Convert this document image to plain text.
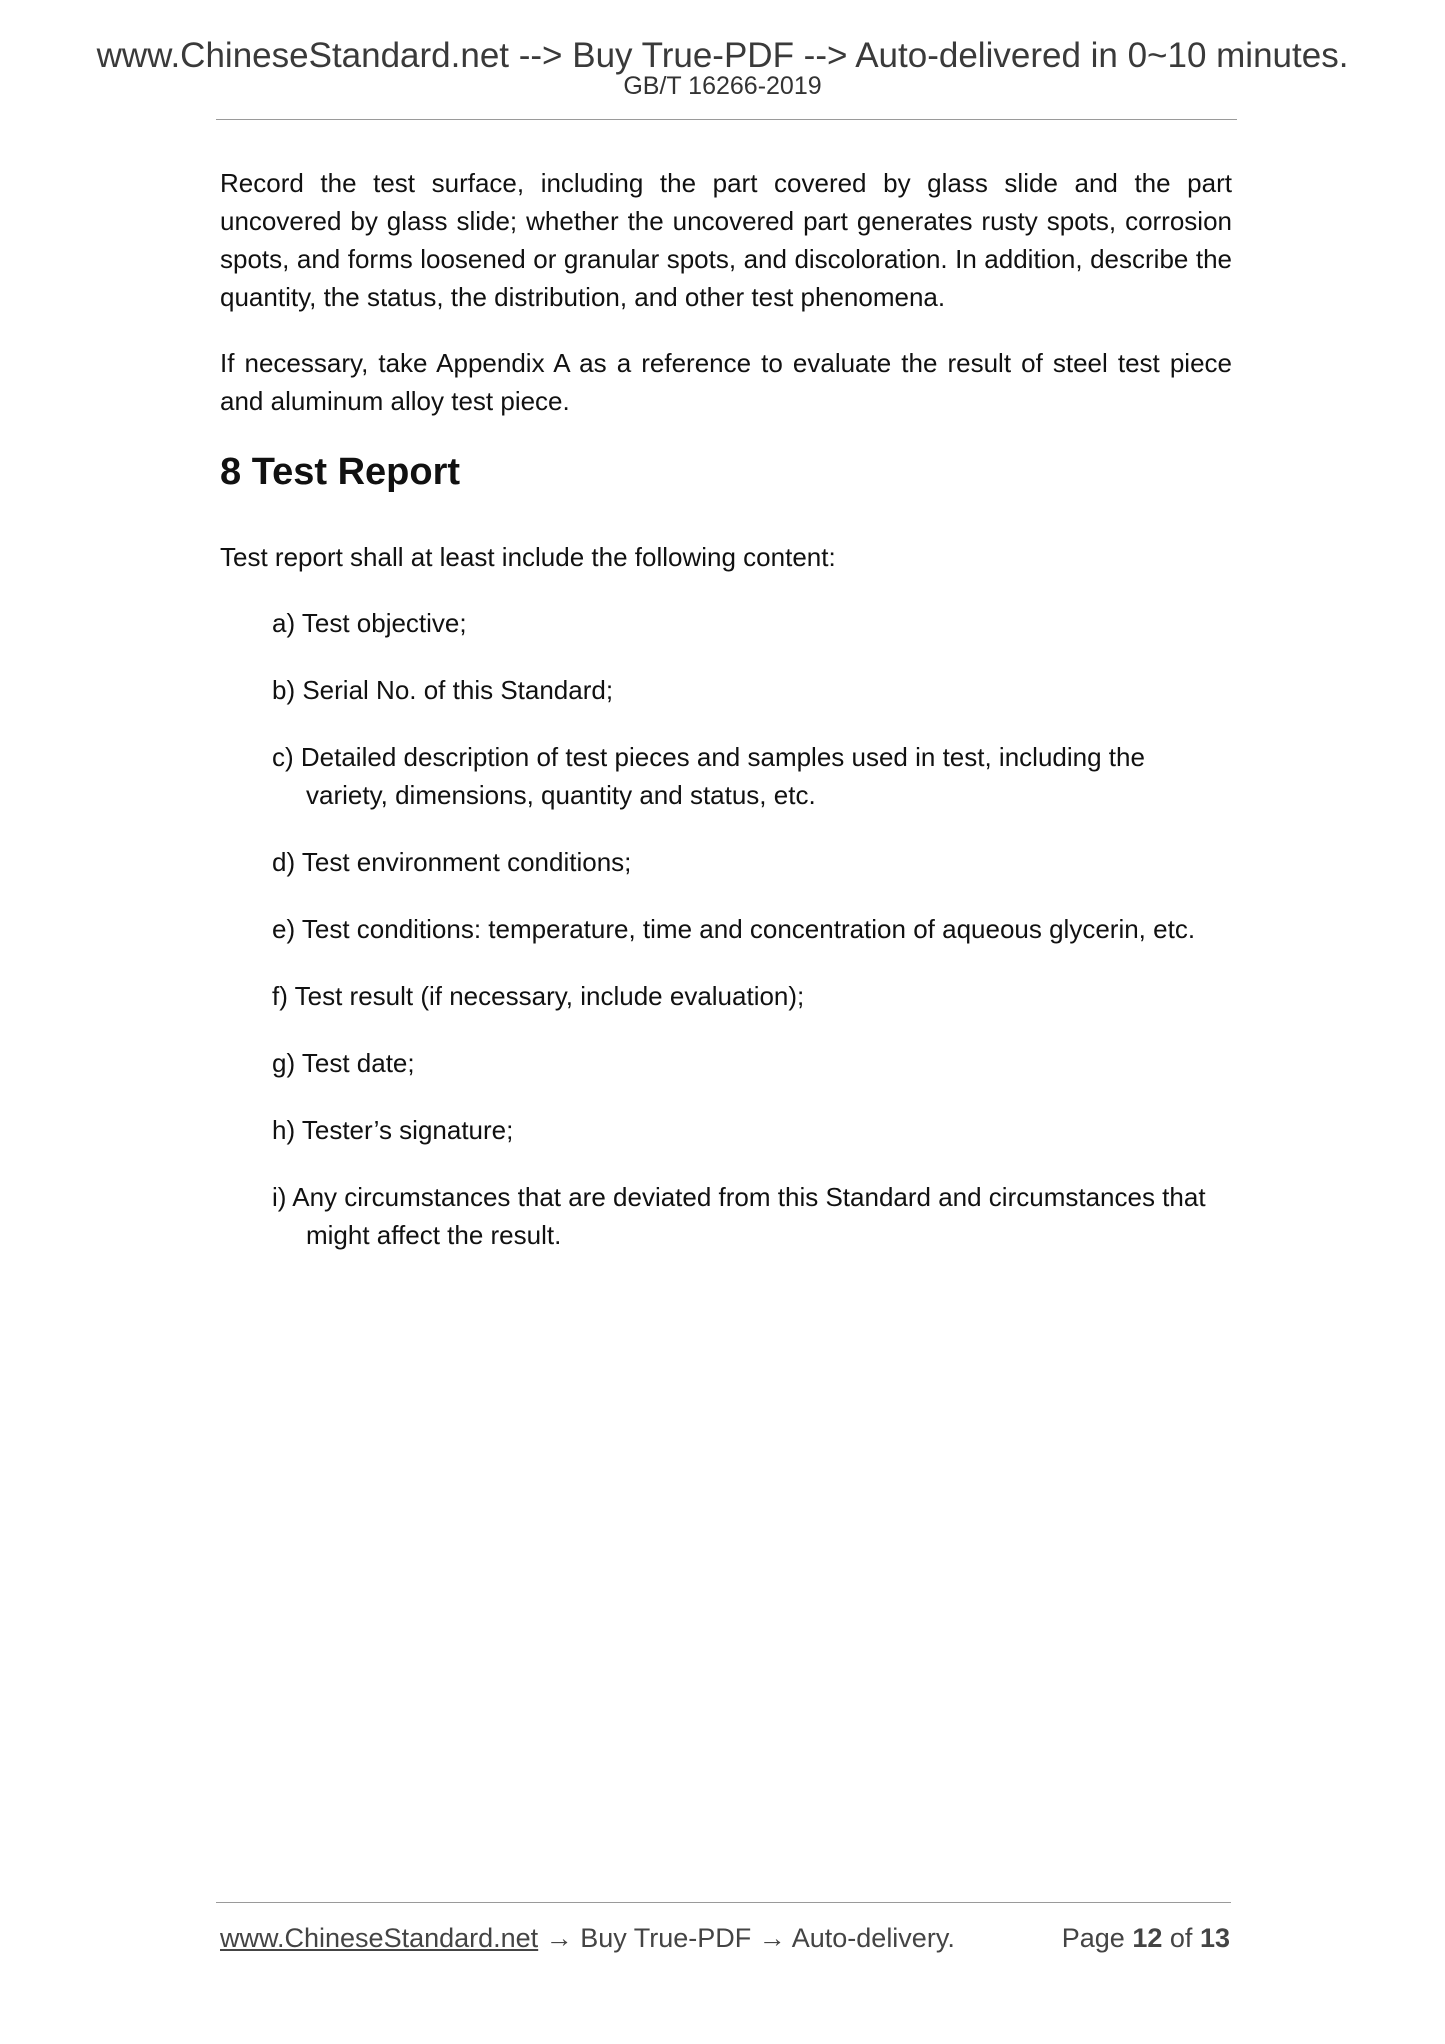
www.ChineseStandard.net --> Buy True-PDF --> Auto-delivered in 0~10 minutes.
GB/T 16266-2019

Record the test surface, including the part covered by glass slide and the part uncovered by glass slide; whether the uncovered part generates rusty spots, corrosion spots, and forms loosened or granular spots, and discoloration. In addition, describe the quantity, the status, the distribution, and other test phenomena.

If necessary, take Appendix A as a reference to evaluate the result of steel test piece and aluminum alloy test piece.

8 Test Report

Test report shall at least include the following content:

a) Test objective;
b) Serial No. of this Standard;
c) Detailed description of test pieces and samples used in test, including the variety, dimensions, quantity and status, etc.
d) Test environment conditions;
e) Test conditions: temperature, time and concentration of aqueous glycerin, etc.
f) Test result (if necessary, include evaluation);
g) Test date;
h) Tester’s signature;
i) Any circumstances that are deviated from this Standard and circumstances that might affect the result.
www.ChineseStandard.net → Buy True-PDF → Auto-delivery.	Page 12 of 13
